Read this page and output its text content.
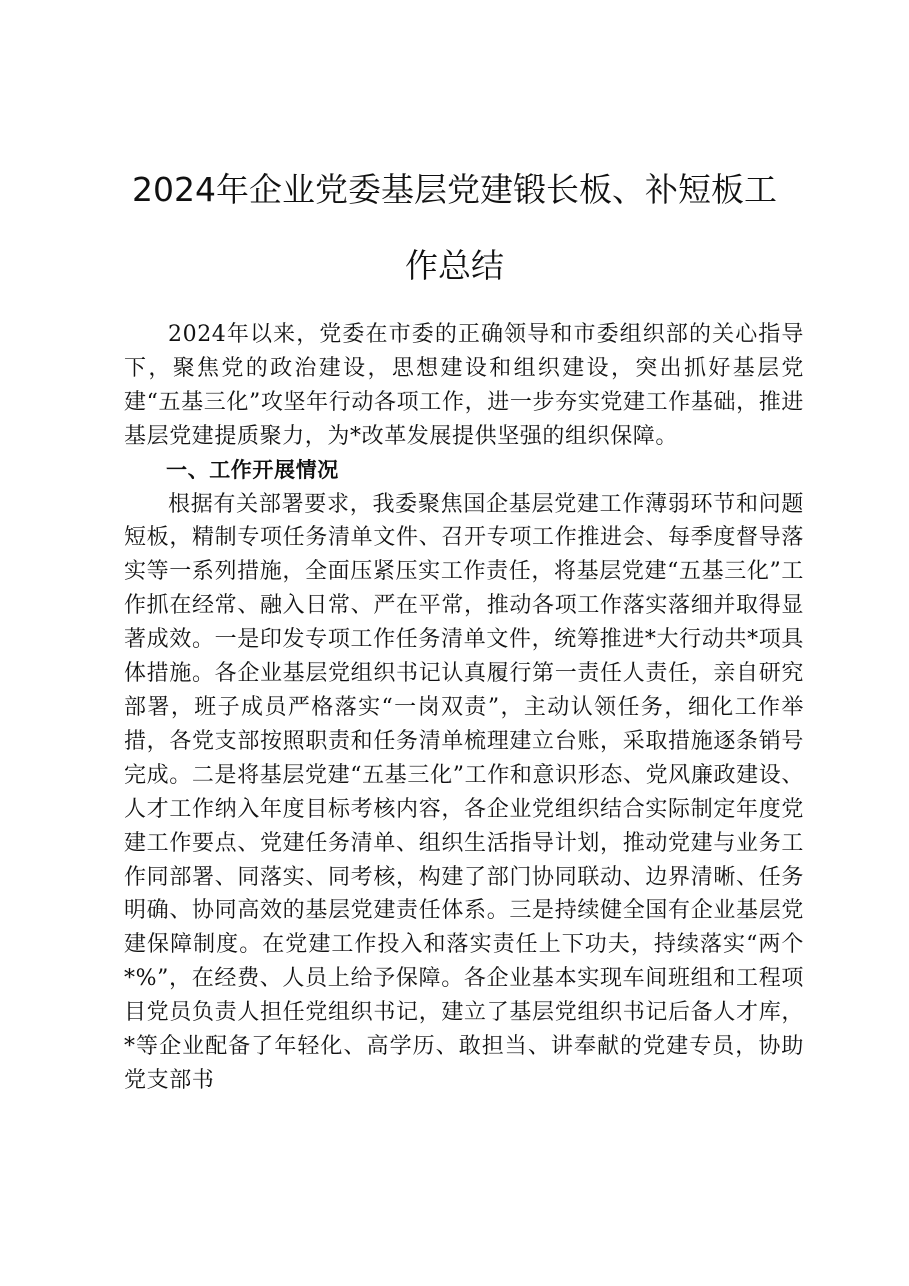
2024年企业党委基层党建锻长板、补短板工
作总结

2024年以来，党委在市委的正确领导和市委组织部的关心指导下，聚焦党的政治建设，思想建设和组织建设，突出抓好基层党建“五基三化”攻坚年行动各项工作，进一步夯实党建工作基础，推进基层党建提质聚力，为*改革发展提供坚强的组织保障。

一、工作开展情况

根据有关部署要求，我委聚焦国企基层党建工作薄弱环节和问题短板，精制专项任务清单文件、召开专项工作推进会、每季度督导落实等一系列措施，全面压紧压实工作责任，将基层党建“五基三化”工作抓在经常、融入日常、严在平常，推动各项工作落实落细并取得显著成效。一是印发专项工作任务清单文件，统筹推进*大行动共*项具体措施。各企业基层党组织书记认真履行第一责任人责任，亲自研究部署，班子成员严格落实“一岗双责”，主动认领任务，细化工作举措，各党支部按照职责和任务清单梳理建立台账，采取措施逐条销号完成。二是将基层党建“五基三化”工作和意识形态、党风廉政建设、人才工作纳入年度目标考核内容，各企业党组织结合实际制定年度党建工作要点、党建任务清单、组织生活指导计划，推动党建与业务工作同部署、同落实、同考核，构建了部门协同联动、边界清晰、任务明确、协同高效的基层党建责任体系。三是持续健全国有企业基层党建保障制度。在党建工作投入和落实责任上下功夫，持续落实“两个*%”，在经费、人员上给予保障。各企业基本实现车间班组和工程项目党员负责人担任党组织书记，建立了基层党组织书记后备人才库，*等企业配备了年轻化、高学历、敢担当、讲奉献的党建专员，协助党支部书
